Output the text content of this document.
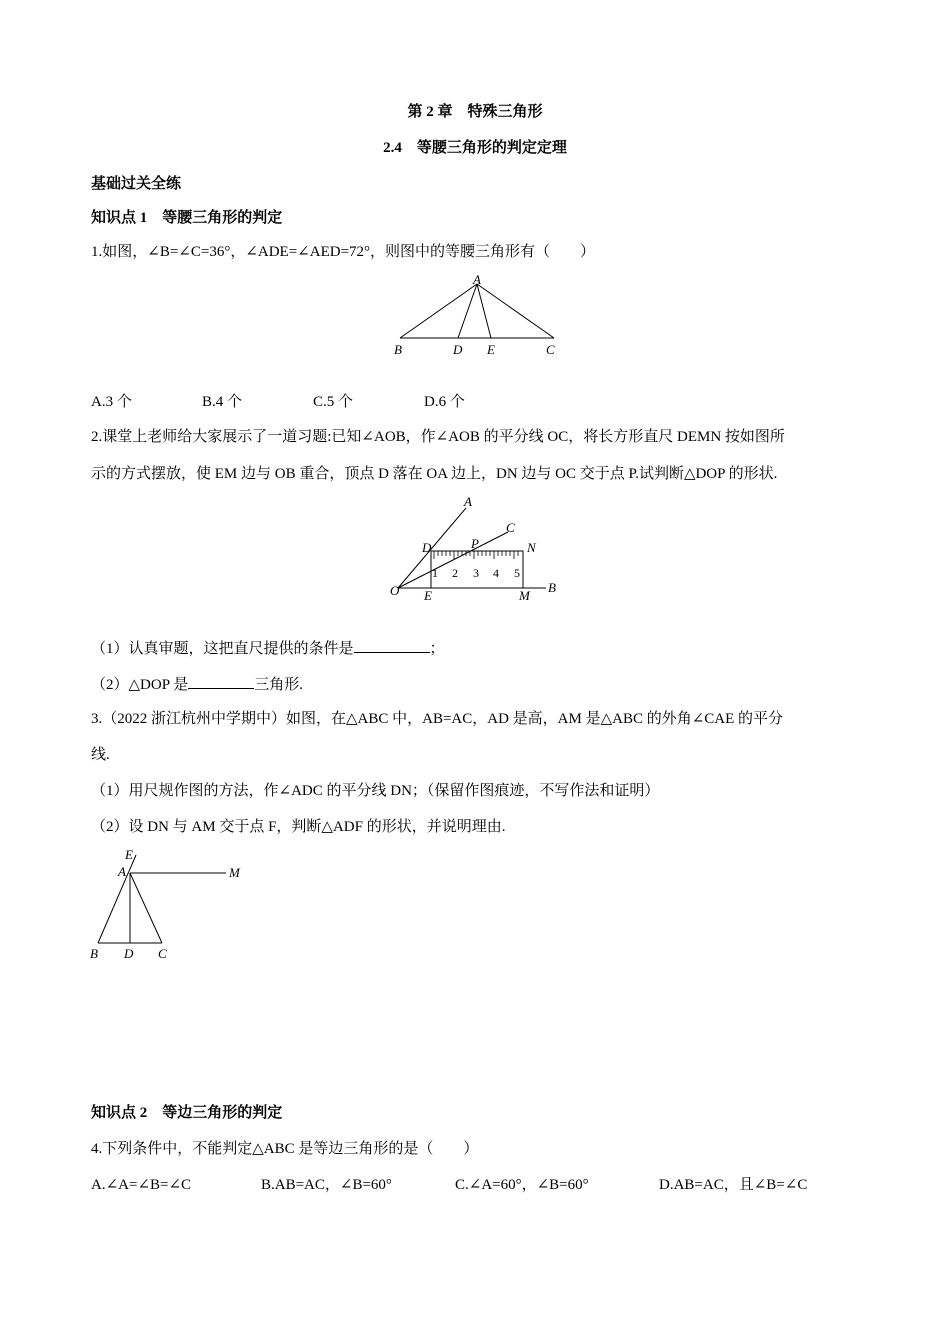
第 2 章　特殊三角形
2.4　等腰三角形的判定定理
基础过关全练
知识点 1　等腰三角形的判定
1.如图，∠B=∠C=36°，∠ADE=∠AED=72°，则图中的等腰三角形有（　　）
A
B	D E	C
A.3 个	B.4 个	C.5 个	D.6 个
2.课堂上老师给大家展示了一道习题:已知∠AOB，作∠AOB 的平分线 OC，将长方形直尺 DEMN 按如图所
示的方式摆放，使 EM 边与 OB 重合，顶点 D 落在 OA 边上，DN 边与 OC 交于点 P.试判断△DOP 的形状.
1 2 3 4 5
A
C
D	P	N
O E	M
B
（1）认真审题，这把直尺提供的条件是	；
（2）△DOP 是	三角形.
3.（2022 浙江杭州中学期中）如图，在△ABC 中，AB=AC，AD 是高，AM 是△ABC 的外角∠CAE 的平分
线.
（1）用尺规作图的方法，作∠ADC 的平分线 DN；（保留作图痕迹，不写作法和证明）
（2）设 DN 与 AM 交于点 F，判断△ADF 的形状，并说明理由.
E
A	M
B D C
知识点 2　等边三角形的判定
4.下列条件中，不能判定△ABC 是等边三角形的是（　　）
A.∠A=∠B=∠C	B.AB=AC，∠B=60°	C.∠A=60°，∠B=60°	D.AB=AC，且∠B=∠C
